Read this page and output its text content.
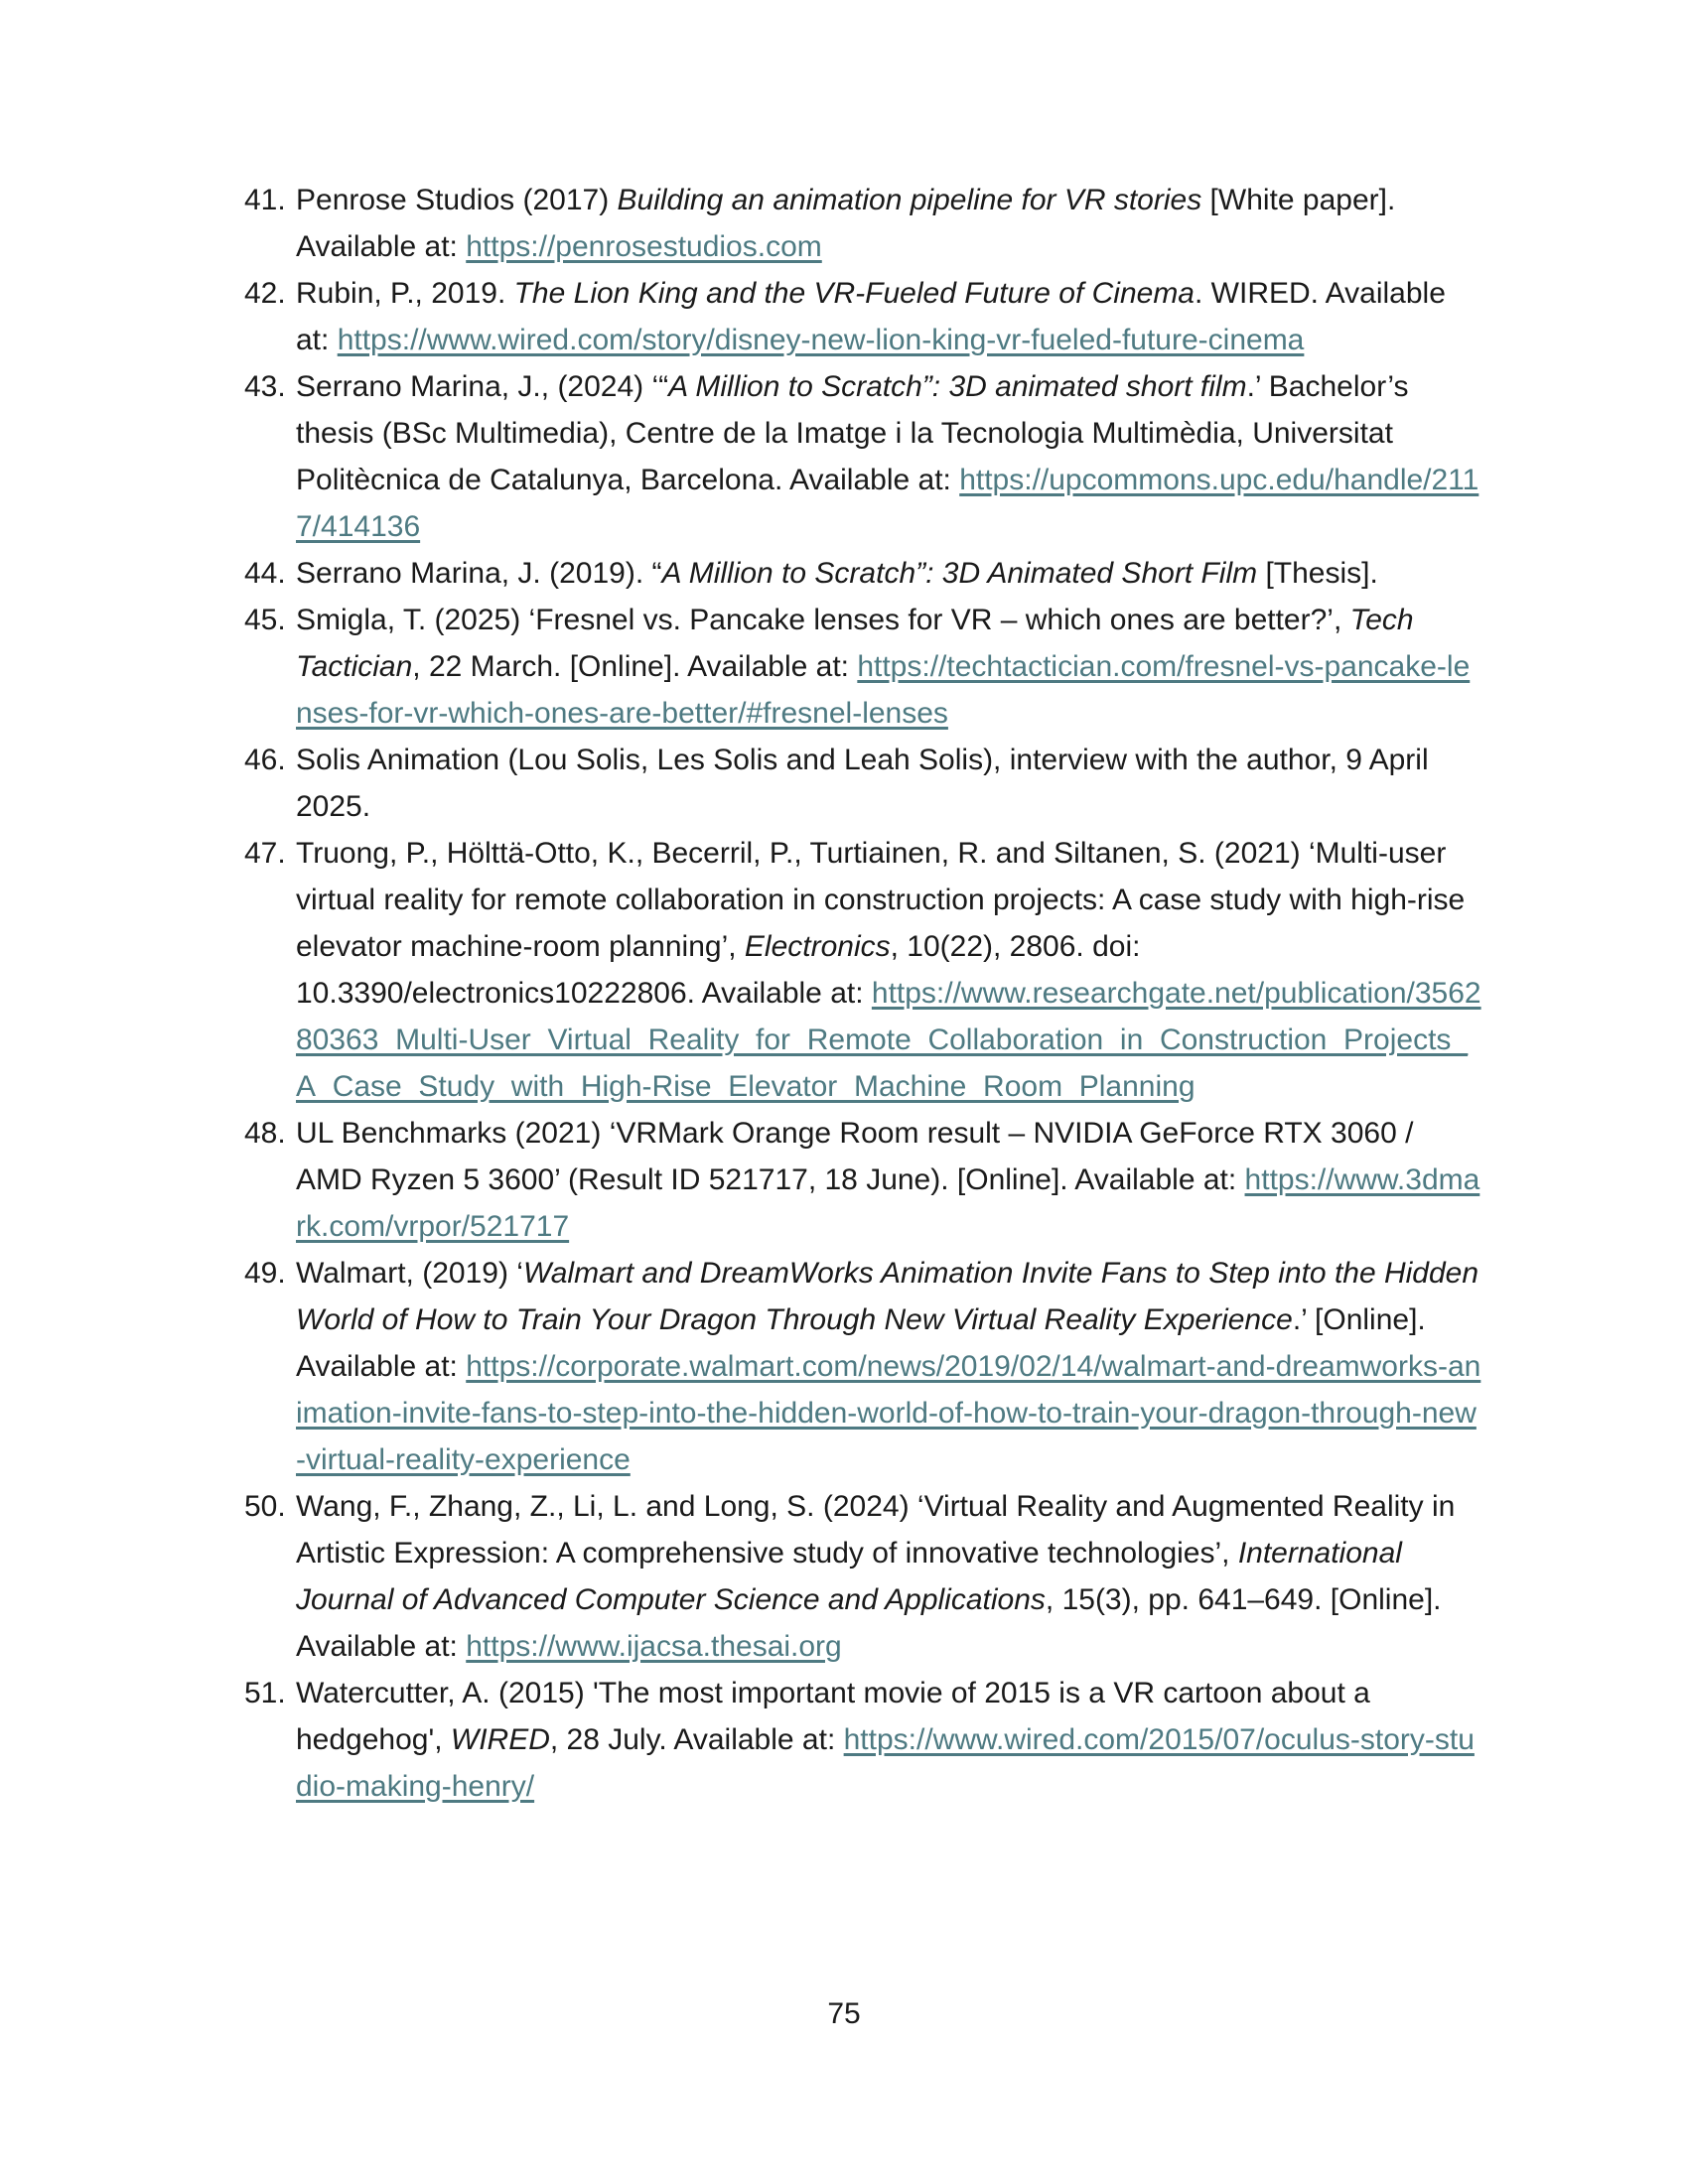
41. Penrose Studios (2017) Building an animation pipeline for VR stories [White paper]. Available at: https://penrosestudios.com
42. Rubin, P., 2019. The Lion King and the VR-Fueled Future of Cinema. WIRED. Available at: https://www.wired.com/story/disney-new-lion-king-vr-fueled-future-cinema
43. Serrano Marina, J., (2024) ‘“A Million to Scratch”: 3D animated short film.’ Bachelor’s thesis (BSc Multimedia), Centre de la Imatge i la Tecnologia Multimèdia, Universitat Politècnica de Catalunya, Barcelona. Available at: https://upcommons.upc.edu/handle/2117/414136
44. Serrano Marina, J. (2019). “A Million to Scratch”: 3D Animated Short Film [Thesis].
45. Smigla, T. (2025) ‘Fresnel vs. Pancake lenses for VR – which ones are better?’, Tech Tactician, 22 March. [Online]. Available at: https://techtactician.com/fresnel-vs-pancake-lenses-for-vr-which-ones-are-better/#fresnel-lenses
46. Solis Animation (Lou Solis, Les Solis and Leah Solis), interview with the author, 9 April 2025.
47. Truong, P., Hölttä-Otto, K., Becerril, P., Turtiainen, R. and Siltanen, S. (2021) ‘Multi-user virtual reality for remote collaboration in construction projects: A case study with high-rise elevator machine-room planning’, Electronics, 10(22), 2806. doi: 10.3390/electronics10222806. Available at: https://www.researchgate.net/publication/356280363_Multi-User_Virtual_Reality_for_Remote_Collaboration_in_Construction_Projects_A_Case_Study_with_High-Rise_Elevator_Machine_Room_Planning
48. UL Benchmarks (2021) ‘VRMark Orange Room result – NVIDIA GeForce RTX 3060 / AMD Ryzen 5 3600’ (Result ID 521717, 18 June). [Online]. Available at: https://www.3dmark.com/vrpor/521717
49. Walmart, (2019) ‘Walmart and DreamWorks Animation Invite Fans to Step into the Hidden World of How to Train Your Dragon Through New Virtual Reality Experience.’ [Online]. Available at: https://corporate.walmart.com/news/2019/02/14/walmart-and-dreamworks-animation-invite-fans-to-step-into-the-hidden-world-of-how-to-train-your-dragon-through-new-virtual-reality-experience
50. Wang, F., Zhang, Z., Li, L. and Long, S. (2024) ‘Virtual Reality and Augmented Reality in Artistic Expression: A comprehensive study of innovative technologies’, International Journal of Advanced Computer Science and Applications, 15(3), pp. 641–649. [Online]. Available at: https://www.ijacsa.thesai.org
51. Watercutter, A. (2015) 'The most important movie of 2015 is a VR cartoon about a hedgehog', WIRED, 28 July. Available at: https://www.wired.com/2015/07/oculus-story-studio-making-henry/
75
